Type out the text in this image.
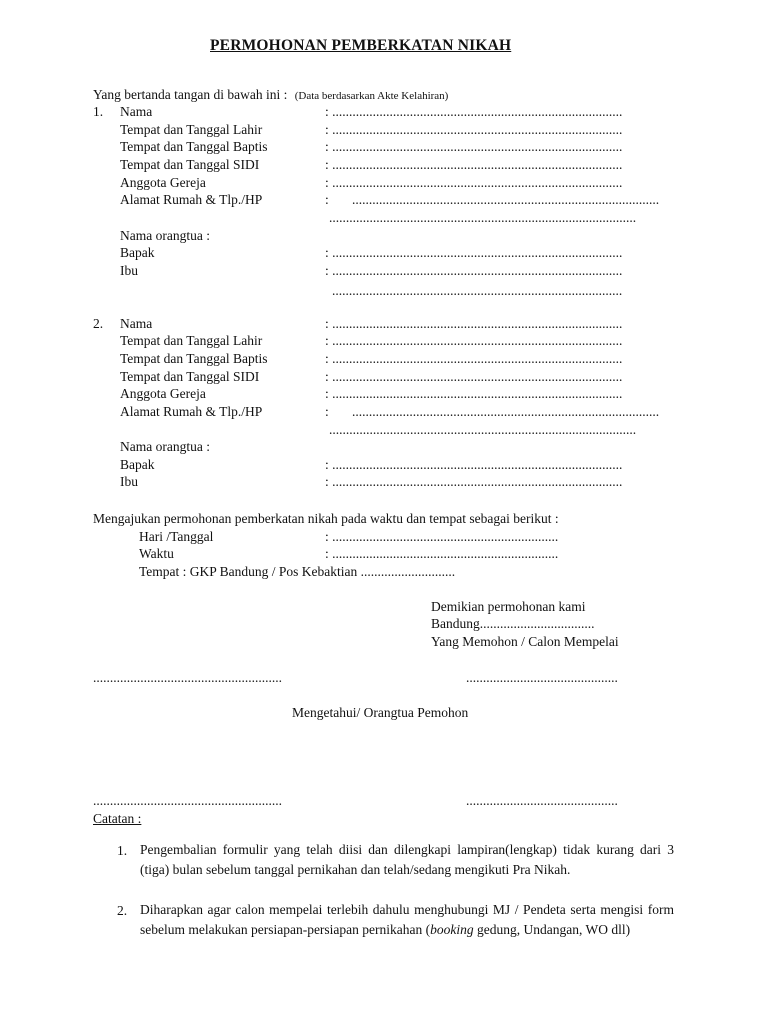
PERMOHONAN PEMBERKATAN NIKAH
Yang bertanda tangan di bawah ini : (Data berdasarkan Akte Kelahiran)
1. Nama	: ......................................................................................
Tempat dan Tanggal Lahir	: ......................................................................................
Tempat dan Tanggal Baptis	: ......................................................................................
Tempat dan Tanggal SIDI	: ......................................................................................
Anggota Gereja	: ......................................................................................
Alamat Rumah & Tlp./HP	: ...........................................................................................
...........................................................................................
Nama orangtua :
Bapak	: ......................................................................................
Ibu	: ......................................................................................
......................................................................................
2. Nama	: ......................................................................................
Tempat dan Tanggal Lahir	: ......................................................................................
Tempat dan Tanggal Baptis	: ......................................................................................
Tempat dan Tanggal SIDI	: ......................................................................................
Anggota Gereja	: ......................................................................................
Alamat Rumah & Tlp./HP	: ...........................................................................................
...........................................................................................
Nama orangtua :
Bapak	: ......................................................................................
Ibu	: ......................................................................................
Mengajukan permohonan pemberkatan nikah pada waktu dan tempat sebagai berikut :
Hari /Tanggal	: ...................................................................
Waktu	: ...................................................................
Tempat : GKP Bandung / Pos Kebaktian ............................
Demikian permohonan kami
Bandung..................................
Yang Memohon / Calon Mempelai
........................................................	.............................................
Mengetahui/ Orangtua Pemohon
........................................................	.............................................
Catatan :
1. Pengembalian formulir yang telah diisi dan dilengkapi lampiran(lengkap) tidak kurang dari 3 (tiga) bulan sebelum tanggal pernikahan dan telah/sedang mengikuti Pra Nikah.
2. Diharapkan agar calon mempelai terlebih dahulu menghubungi MJ / Pendeta serta mengisi form sebelum melakukan persiapan-persiapan pernikahan (booking gedung, Undangan, WO dll)
